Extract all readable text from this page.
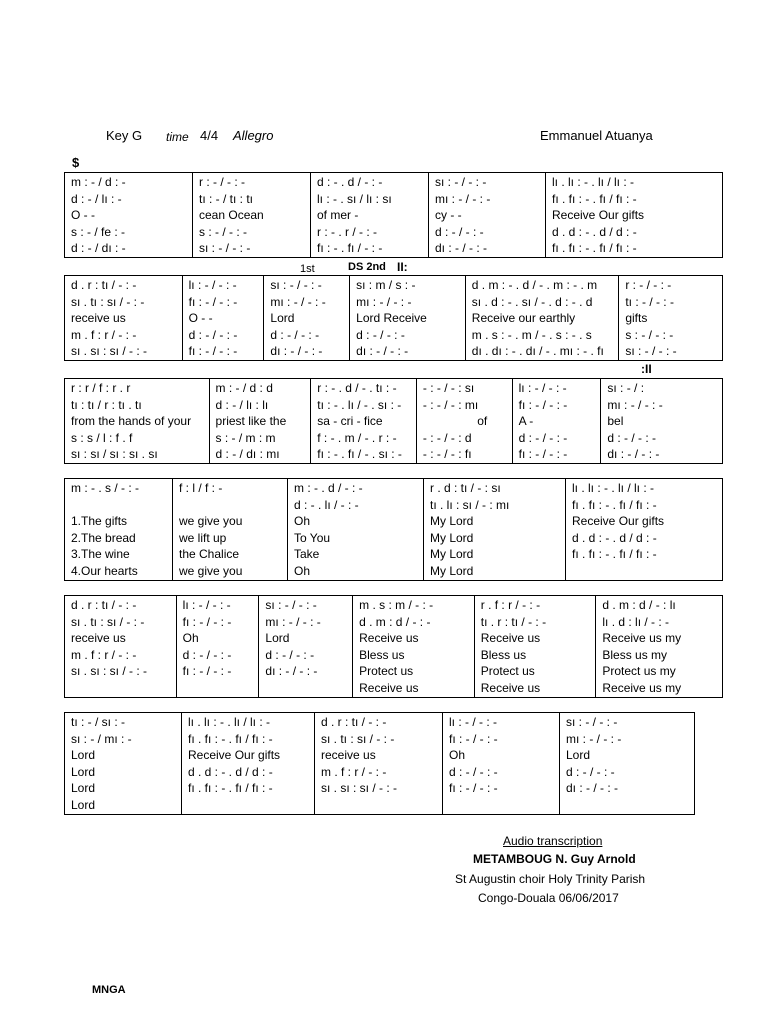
Key G time 4/4 Allegro	Emmanuel Atuanya
$
m : - / d : -
d : - / lı : -
O - -
s : - / fe : -
d : - / dı : -
r : - / - : -
tı : - / tı : tı
cean Ocean
s : - / - : -
sı : - / - : -
d : - . d / - : -
lı : - . sı / lı : sı
of mer -
r : - . r / - : -
fı : - . fı / - : -
sı : - / - : -
mı : - / - : -
cy - -
d : - / - : -
dı : - / - : -
lı . lı : - . lı / lı : -
fı . fı : - . fı / fı : -
Receive Our gifts
d . d : - . d / d : -
fı . fı : - . fı / fı : -
1st	DS 2nd II:
d . r : tı / - : -
sı . tı : sı / - : -
receive us
m . f : r / - : -
sı . sı : sı / - : -
lı : - / - : -
fı : - / - : -
O - -
d : - / - : -
fı : - / - : -
sı : - / - : -
mı : - / - : -
Lord
d : - / - : -
dı : - / - : -
sı : m / s : -
mı : - / - : -
Lord Receive
d : - / - : -
dı : - / - : -
d . m : - . d / - . m : - . m
sı . d : - . sı / - . d : - . d
Receive our earthly
m . s : - . m / - . s : - . s
dı . dı : - . dı / - . mı : - . fı
r : - / - : -
tı : - / - : -
gifts
s : - / - : -
sı : - / - : -
:II
r : r / f : r . r
tı : tı / r : tı . tı
from the hands of your
s : s / l : f . f
sı : sı / sı : sı . sı
m : - / d : d
d : - / lı : lı
priest like the
s : - / m : m
d : - / dı : mı
r : - . d / - . tı : -
tı : - . lı / - . sı : -
sa - cri - fice
f : - . m / - . r : -
fı : - . fı / - . sı : -
- : - / - : sı
- : - / - : mı
of
- : - / - : d
- : - / - : fı
lı : - / - : -
fı : - / - : -
A -
d : - / - : -
fı : - / - : -
sı : - / :
mı : - / - : -
bel
d : - / - : -
dı : - / - : -
m : - . s / - : -
1.The gifts
2.The bread
3.The wine
4.Our hearts
f : l / f : -
we give you
we lift up
the Chalice
we give you
m : - . d / - : -
d : - . lı / - : -
Oh
To You
Take
Oh
r . d : tı / - : sı
tı . lı : sı / - : mı
My Lord
My Lord
My Lord
My Lord
lı . lı : - . lı / lı : -
fı . fı : - . fı / fı : -
Receive Our gifts
d . d : - . d / d : -
fı . fı : - . fı / fı : -
d . r : tı / - : -
sı . tı : sı / - : -
receive us
m . f : r / - : -
sı . sı : sı / - : -
lı : - / - : -
fı : - / - : -
Oh
d : - / - : -
fı : - / - : -
sı : - / - : -
mı : - / - : -
Lord
d : - / - : -
dı : - / - : -
m . s : m / - : -
d . m : d / - : -
Receive us
Bless us
Protect us
Receive us
r . f : r / - : -
tı . r : tı / - : -
Receive us
Bless us
Protect us
Receive us
d . m : d / - : lı
lı . d : lı / - : -
Receive us my
Bless us my
Protect us my
Receive us my
tı : - / sı : -
sı : - / mı : -
Lord
Lord
Lord
Lord
lı . lı : - . lı / lı : -
fı . fı : - . fı / fı : -
Receive Our gifts
d . d : - . d / d : -
fı . fı : - . fı / fı : -
d . r : tı / - : -
sı . tı : sı / - : -
receive us
m . f : r / - : -
sı . sı : sı / - : -
lı : - / - : -
fı : - / - : -
Oh
d : - / - : -
fı : - / - : -
sı : - / - : -
mı : - / - : -
Lord
d : - / - : -
dı : - / - : -
Audio transcription
METAMBOUG N. Guy Arnold
St Augustin choir Holy Trinity Parish
Congo-Douala 06/06/2017
MNGA
